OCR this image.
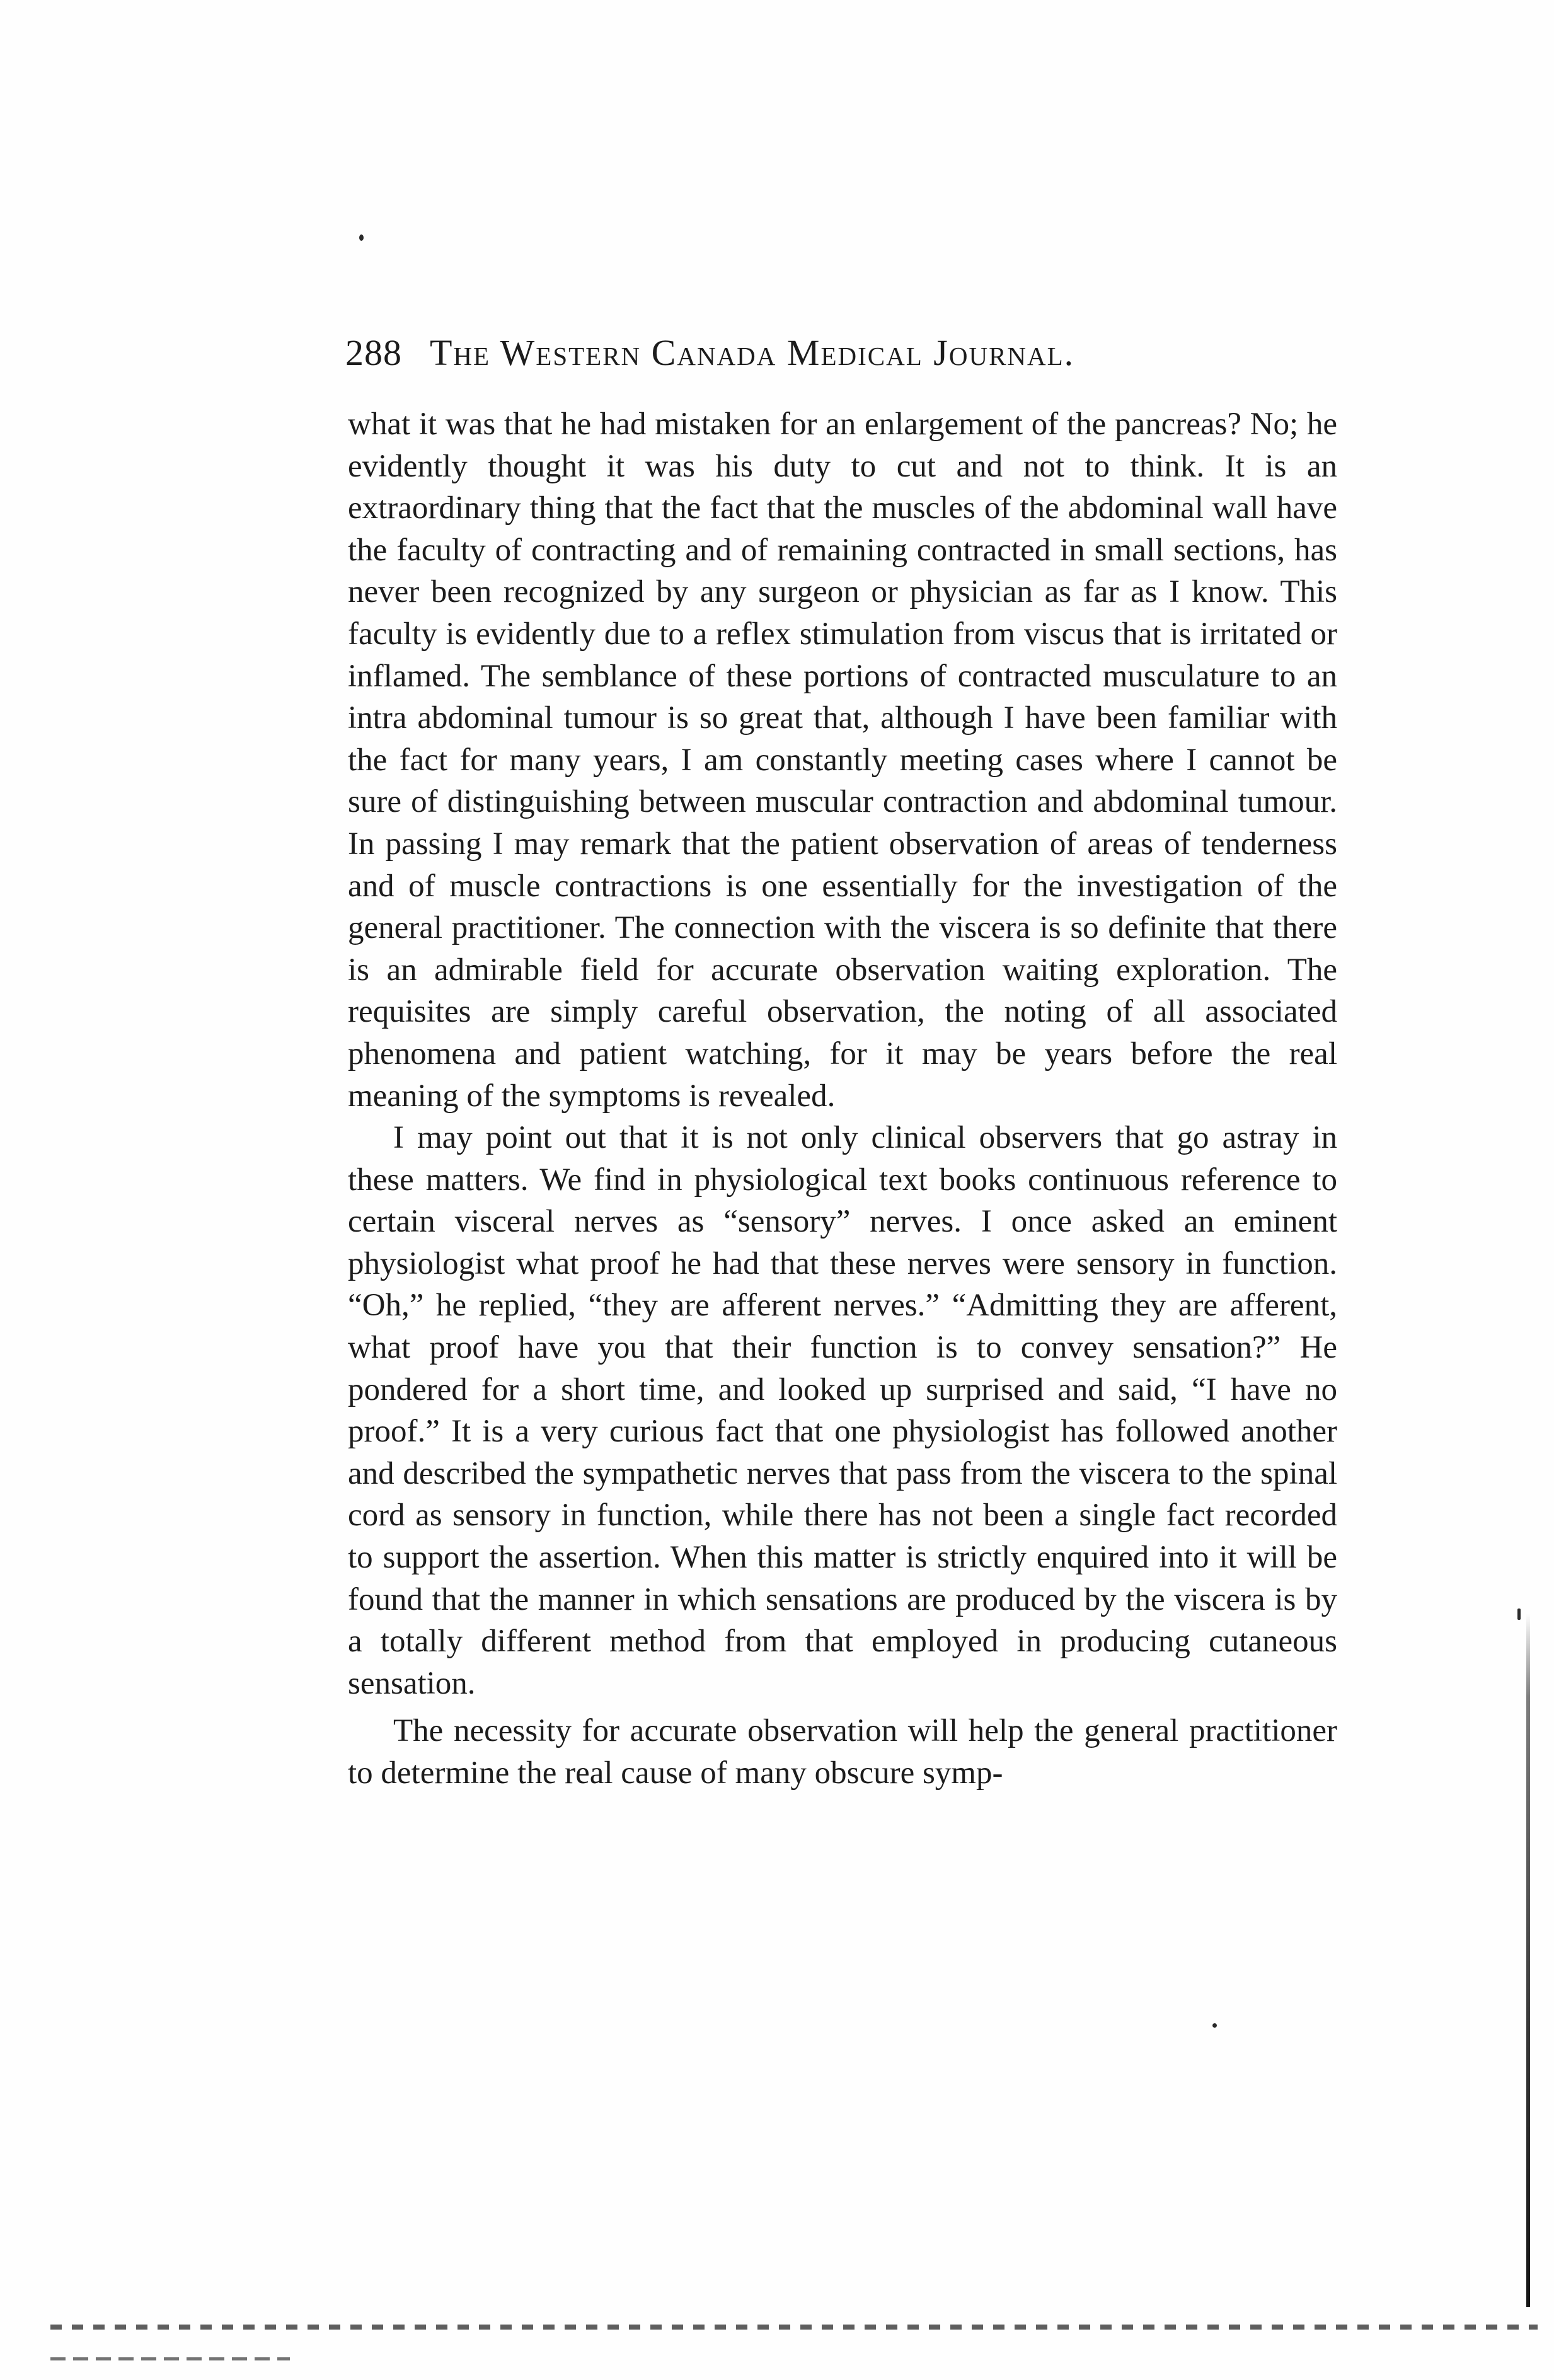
288 The Western Canada Medical Journal.

what it was that he had mistaken for an enlargement of the pancreas? No; he evidently thought it was his duty to cut and not to think. It is an extraordinary thing that the fact that the muscles of the abdominal wall have the faculty of contracting and of remaining contracted in small sections, has never been recognized by any surgeon or physician as far as I know. This faculty is evidently due to a reflex stimulation from viscus that is irritated or inflamed. The semblance of these portions of contracted musculature to an intra abdominal tumour is so great that, although I have been familiar with the fact for many years, I am constantly meeting cases where I cannot be sure of distinguishing between muscular contraction and abdominal tumour. In passing I may remark that the patient observation of areas of tenderness and of muscle contractions is one essentially for the investigation of the general practitioner. The connection with the viscera is so definite that there is an admirable field for accurate observation waiting exploration. The requisites are simply careful observation, the noting of all associated phenomena and patient watching, for it may be years before the real meaning of the symptoms is revealed.

I may point out that it is not only clinical observers that go astray in these matters. We find in physiological text books continuous reference to certain visceral nerves as “sensory” nerves. I once asked an eminent physiologist what proof he had that these nerves were sensory in function. “Oh,” he replied, “they are afferent nerves.” “Admitting they are afferent, what proof have you that their function is to convey sensation?” He pondered for a short time, and looked up surprised and said, “I have no proof.” It is a very curious fact that one physiologist has followed another and described the sympathetic nerves that pass from the viscera to the spinal cord as sensory in function, while there has not been a single fact recorded to support the assertion. When this matter is strictly enquired into it will be found that the manner in which sensations are produced by the viscera is by a totally different method from that employed in producing cutaneous sensation.

The necessity for accurate observation will help the general practitioner to determine the real cause of many obscure symp-
